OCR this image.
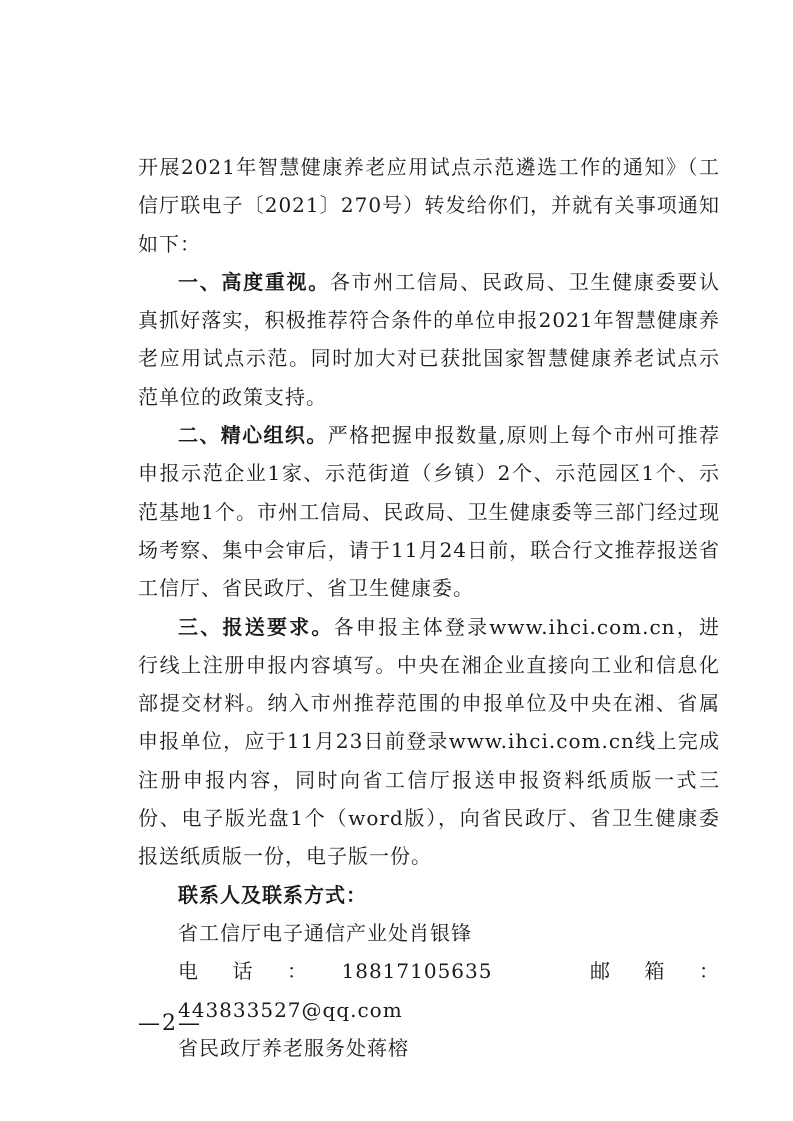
开展2021年智慧健康养老应用试点示范遴选工作的通知》（工信厅联电子〔2021〕270号）转发给你们，并就有关事项通知如下：

一、高度重视。各市州工信局、民政局、卫生健康委要认真抓好落实，积极推荐符合条件的单位申报2021年智慧健康养老应用试点示范。同时加大对已获批国家智慧健康养老试点示范单位的政策支持。

二、精心组织。严格把握申报数量,原则上每个市州可推荐申报示范企业1家、示范街道（乡镇）2个、示范园区1个、示范基地1个。市州工信局、民政局、卫生健康委等三部门经过现场考察、集中会审后，请于11月24日前，联合行文推荐报送省工信厅、省民政厅、省卫生健康委。

三、报送要求。各申报主体登录www.ihci.com.cn，进行线上注册申报内容填写。中央在湘企业直接向工业和信息化部提交材料。纳入市州推荐范围的申报单位及中央在湘、省属申报单位，应于11月23日前登录www.ihci.com.cn线上完成注册申报内容，同时向省工信厅报送申报资料纸质版一式三份、电子版光盘1个（word版），向省民政厅、省卫生健康委报送纸质版一份，电子版一份。

联系人及联系方式：

省工信厅电子通信产业处肖银锋

电话：18817105635	邮箱：443833527@qq.com

省民政厅养老服务处蒋榕

—2—
